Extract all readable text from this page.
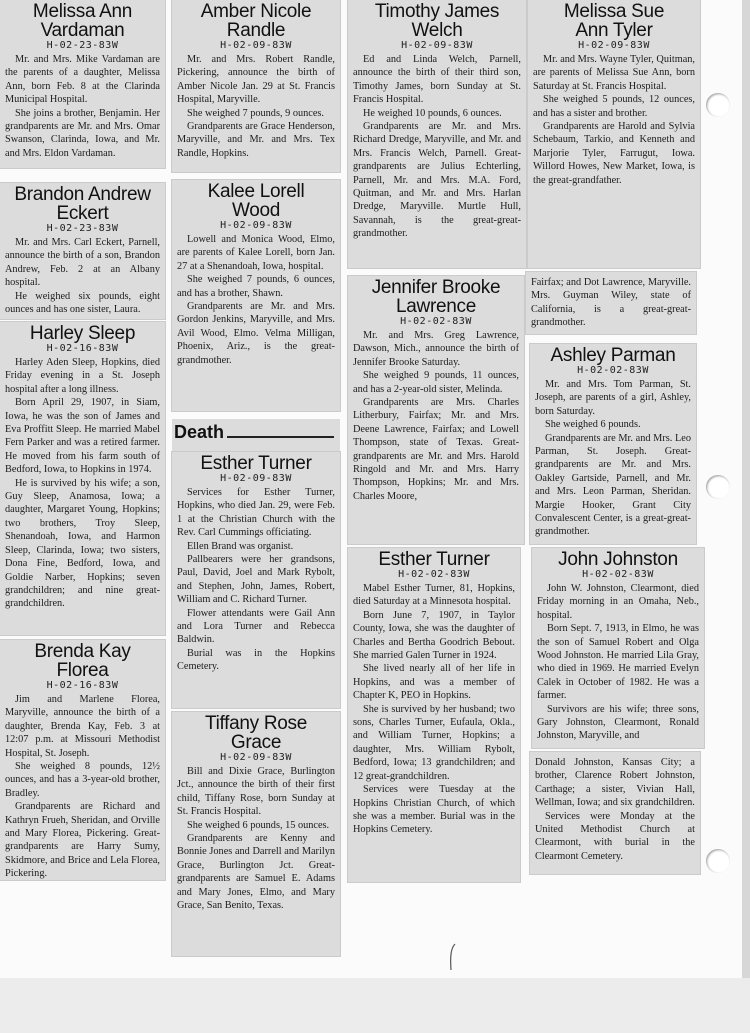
Melissa Ann
Vardaman
H-02-23-83W

Mr. and Mrs. Mike Vardaman are the parents of a daughter, Melissa Ann, born Feb. 8 at the Clarinda Municipal Hospital.

She joins a brother, Benjamin. Her grandparents are Mr. and Mrs. Omar Swanson, Clarinda, Iowa, and Mr. and Mrs. Eldon Vardaman.

Brandon Andrew
Eckert
H-02-23-83W

Mr. and Mrs. Carl Eckert, Parnell, announce the birth of a son, Brandon Andrew, Feb. 2 at an Albany hospital.

He weighed six pounds, eight ounces and has one sister, Laura.

Harley Sleep
H-02-16-83W

Harley Aden Sleep, Hopkins, died Friday evening in a St. Joseph hospital after a long illness.

Born April 29, 1907, in Siam, Iowa, he was the son of James and Eva Proffitt Sleep. He married Mabel Fern Parker and was a retired farmer. He moved from his farm south of Bedford, Iowa, to Hopkins in 1974.

He is survived by his wife; a son, Guy Sleep, Anamosa, Iowa; a daughter, Margaret Young, Hopkins; two brothers, Troy Sleep, Shenandoah, Iowa, and Harmon Sleep, Clarinda, Iowa; two sisters, Dona Fine, Bedford, Iowa, and Goldie Narber, Hopkins; seven grandchildren; and nine great-grandchildren.

Brenda Kay
Florea
H-02-16-83W

Jim and Marlene Florea, Maryville, announce the birth of a daughter, Brenda Kay, Feb. 3 at 12:07 p.m. at Missouri Methodist Hospital, St. Joseph.

She weighed 8 pounds, 12½ ounces, and has a 3-year-old brother, Bradley.

Grandparents are Richard and Kathryn Frueh, Sheridan, and Orville and Mary Florea, Pickering. Great-grandparents are Harry Sumy, Skidmore, and Brice and Lela Florea, Pickering.

Amber Nicole
Randle
H-02-09-83W

Mr. and Mrs. Robert Randle, Pickering, announce the birth of Amber Nicole Jan. 29 at St. Francis Hospital, Maryville.

She weighed 7 pounds, 9 ounces.

Grandparents are Grace Henderson, Maryville, and Mr. and Mrs. Tex Randle, Hopkins.

Kalee Lorell
Wood
H-02-09-83W

Lowell and Monica Wood, Elmo, are parents of Kalee Lorell, born Jan. 27 at a Shenandoah, Iowa, hospital.

She weighed 7 pounds, 6 ounces, and has a brother, Shawn.

Grandparents are Mr. and Mrs. Gordon Jenkins, Maryville, and Mrs. Avil Wood, Elmo. Velma Milligan, Phoenix, Ariz., is the great-grandmother.

Death
Esther Turner
H-02-09-83W

Services for Esther Turner, Hopkins, who died Jan. 29, were Feb. 1 at the Christian Church with the Rev. Carl Cummings officiating.

Ellen Brand was organist.

Pallbearers were her grandsons, Paul, David, Joel and Mark Rybolt, and Stephen, John, James, Robert, William and C. Richard Turner.

Flower attendants were Gail Ann and Lora Turner and Rebecca Baldwin.

Burial was in the Hopkins Cemetery.

Tiffany Rose
Grace
H-02-09-83W

Bill and Dixie Grace, Burlington Jct., announce the birth of their first child, Tiffany Rose, born Sunday at St. Francis Hospital.

She weighed 6 pounds, 15 ounces.

Grandparents are Kenny and Bonnie Jones and Darrell and Marilyn Grace, Burlington Jct. Great-grandparents are Samuel E. Adams and Mary Jones, Elmo, and Mary Grace, San Benito, Texas.

Timothy James
Welch
H-02-09-83W

Ed and Linda Welch, Parnell, announce the birth of their third son, Timothy James, born Sunday at St. Francis Hospital.

He weighed 10 pounds, 6 ounces.

Grandparents are Mr. and Mrs. Richard Dredge, Maryville, and Mr. and Mrs. Francis Welch, Parnell. Great-grandparents are Julius Echterling, Parnell, Mr. and Mrs. M.A. Ford, Quitman, and Mr. and Mrs. Harlan Dredge, Maryville. Murtle Hull, Savannah, is the great-great-grandmother.

Melissa Sue
Ann Tyler
H-02-09-83W

Mr. and Mrs. Wayne Tyler, Quitman, are parents of Melissa Sue Ann, born Saturday at St. Francis Hospital.

She weighed 5 pounds, 12 ounces, and has a sister and brother.

Grandparents are Harold and Sylvia Schebaum, Tarkio, and Kenneth and Marjorie Tyler, Farrugut, Iowa. Willord Howes, New Market, Iowa, is the great-grandfather.

Jennifer Brooke
Lawrence
H-02-02-83W

Mr. and Mrs. Greg Lawrence, Dawson, Mich., announce the birth of Jennifer Brooke Saturday.

She weighed 9 pounds, 11 ounces, and has a 2-year-old sister, Melinda.

Grandparents are Mrs. Charles Litherbury, Fairfax; Mr. and Mrs. Deene Lawrence, Fairfax; and Lowell Thompson, state of Texas. Great-grandparents are Mr. and Mrs. Harold Ringold and Mr. and Mrs. Harry Thompson, Hopkins; Mr. and Mrs. Charles Moore,

Fairfax; and Dot Lawrence, Maryville. Mrs. Guyman Wiley, state of California, is a great-great-grandmother.

Ashley Parman
H-02-02-83W

Mr. and Mrs. Tom Parman, St. Joseph, are parents of a girl, Ashley, born Saturday.

She weighed 6 pounds.

Grandparents are Mr. and Mrs. Leo Parman, St. Joseph. Great-grandparents are Mr. and Mrs. Oakley Gartside, Parnell, and Mr. and Mrs. Leon Parman, Sheridan. Margie Hooker, Grant City Convalescent Center, is a great-great-grandmother.

Esther Turner
H-02-02-83W

Mabel Esther Turner, 81, Hopkins, died Saturday at a Minnesota hospital.

Born June 7, 1907, in Taylor County, Iowa, she was the daughter of Charles and Bertha Goodrich Bebout. She married Galen Turner in 1924.

She lived nearly all of her life in Hopkins, and was a member of Chapter K, PEO in Hopkins.

She is survived by her husband; two sons, Charles Turner, Eufaula, Okla., and William Turner, Hopkins; a daughter, Mrs. William Rybolt, Bedford, Iowa; 13 grandchildren; and 12 great-grandchildren.

Services were Tuesday at the Hopkins Christian Church, of which she was a member. Burial was in the Hopkins Cemetery.

John Johnston
H-02-02-83W

John W. Johnston, Clearmont, died Friday morning in an Omaha, Neb., hospital.

Born Sept. 7, 1913, in Elmo, he was the son of Samuel Robert and Olga Wood Johnston. He married Lila Gray, who died in 1969. He married Evelyn Calek in October of 1982. He was a farmer.

Survivors are his wife; three sons, Gary Johnston, Clearmont, Ronald Johnston, Maryville, and

Donald Johnston, Kansas City; a brother, Clarence Robert Johnston, Carthage; a sister, Vivian Hall, Wellman, Iowa; and six grandchildren.

Services were Monday at the United Methodist Church at Clearmont, with burial in the Clearmont Cemetery.
